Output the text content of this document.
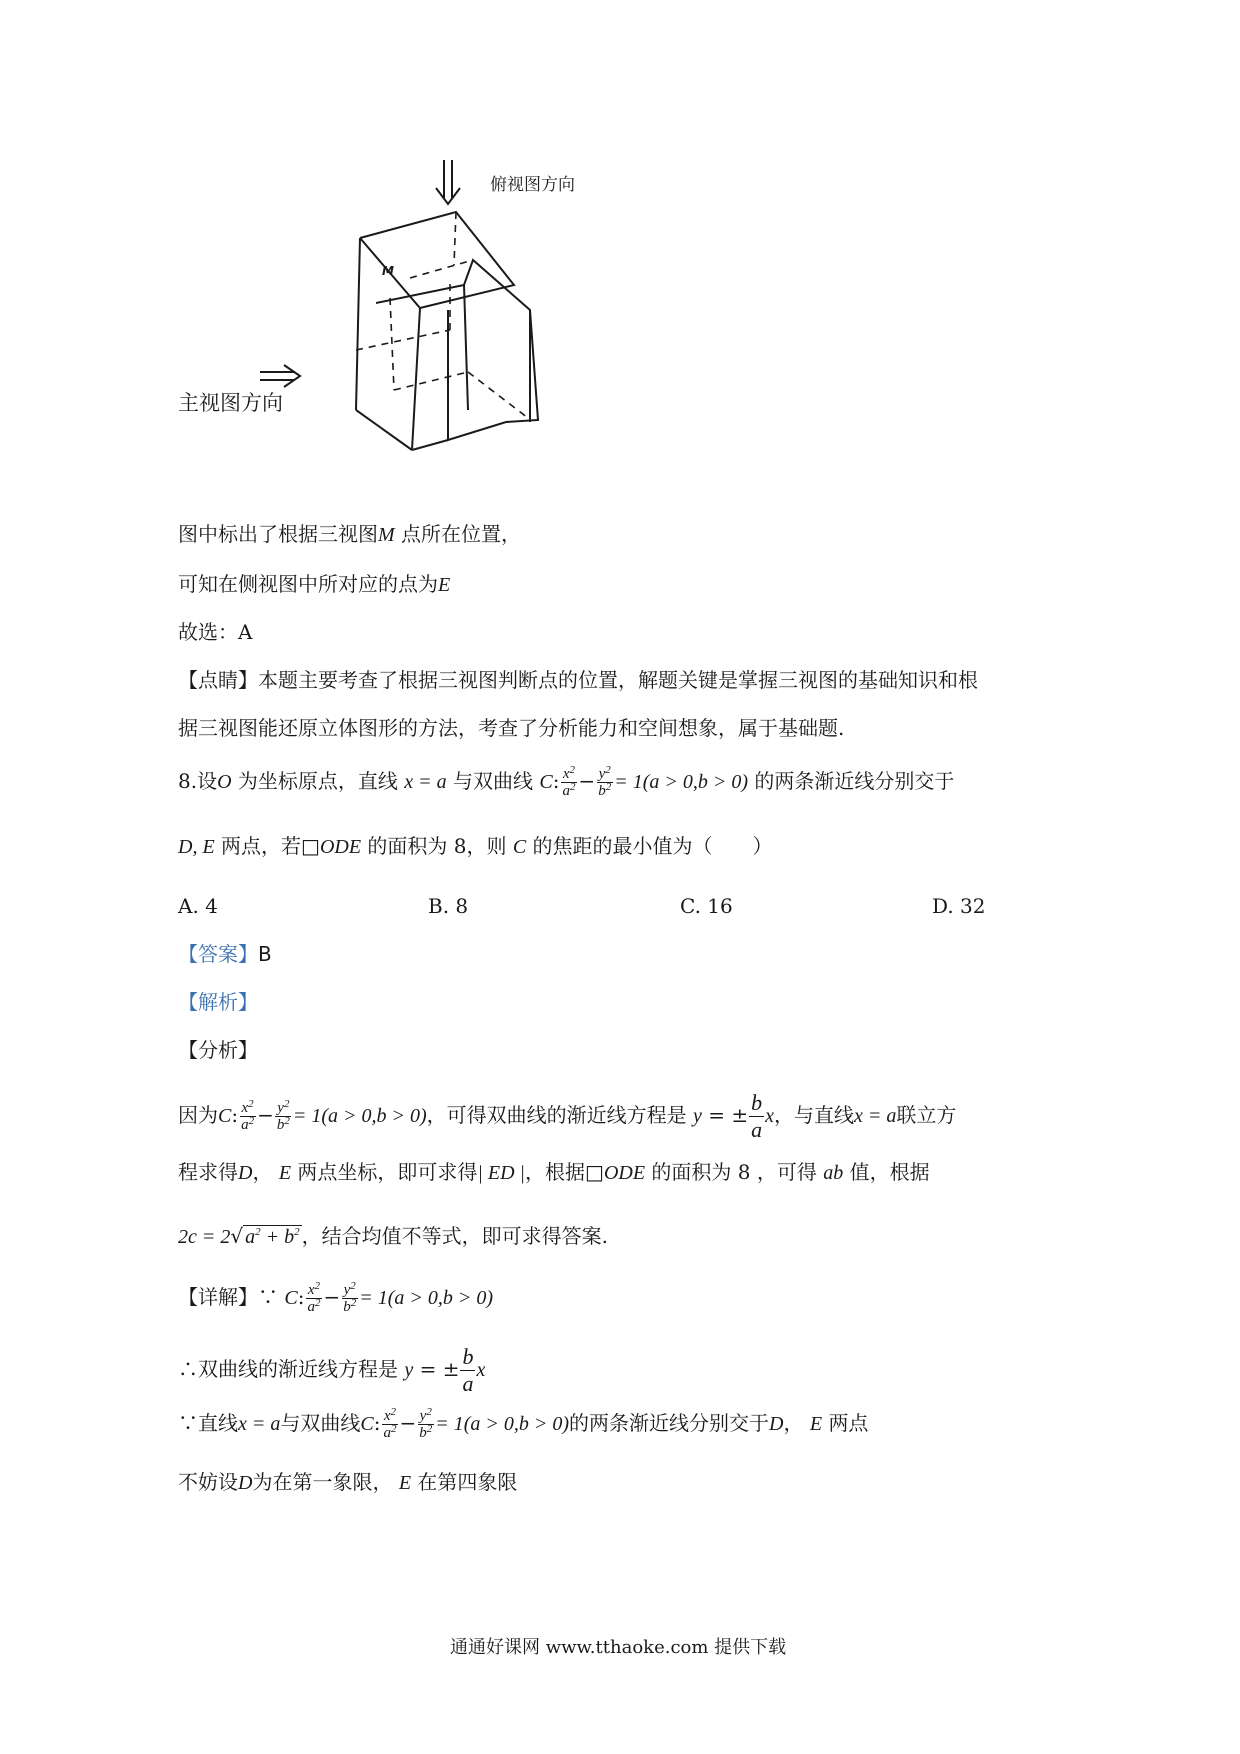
俯视图方向
主视图方向
M
图中标出了根据三视图M 点所在位置，
可知在侧视图中所对应的点为E
故选：A
【点睛】本题主要考查了根据三视图判断点的位置，解题关键是掌握三视图的基础知识和根
据三视图能还原立体图形的方法，考查了分析能力和空间想象，属于基础题.
8.设O 为坐标原点，直线 x = a 与双曲线 C: $\frac{x^2}{a^2} - \frac{y^2}{b^2} = 1(a > 0,b > 0)$ 的两条渐近线分别交于
D, E 两点，若□ODE 的面积为 8，则 C 的焦距的最小值为（　　）
A. 4	B. 8	C. 16	D. 32
【答案】B
【解析】
【分析】
因为C: $\frac{x^2}{a^2} - \frac{y^2}{b^2} = 1(a > 0,b > 0)$，可得双曲线的渐近线方程是 y = ± $\frac{b}{a}$ x，与直线x = a联立方
程求得D， E 两点坐标，即可求得| ED |，根据□ODE 的面积为 8 ，可得 ab 值，根据
2c = 2√ $a^2 + b^2$ ，结合均值不等式，即可求得答案.
【详解】∵ C: $\frac{x^2}{a^2} - \frac{y^2}{b^2} = 1(a > 0,b > 0)$
∴双曲线的渐近线方程是 y = ± $\frac{b}{a}$ x
∵直线x = a与双曲线C: $\frac{x^2}{a^2} - \frac{y^2}{b^2} = 1(a > 0,b > 0)$的两条渐近线分别交于D， E 两点
不妨设D为在第一象限， E 在第四象限
通通好课网 www.tthaoke.com 提供下载
